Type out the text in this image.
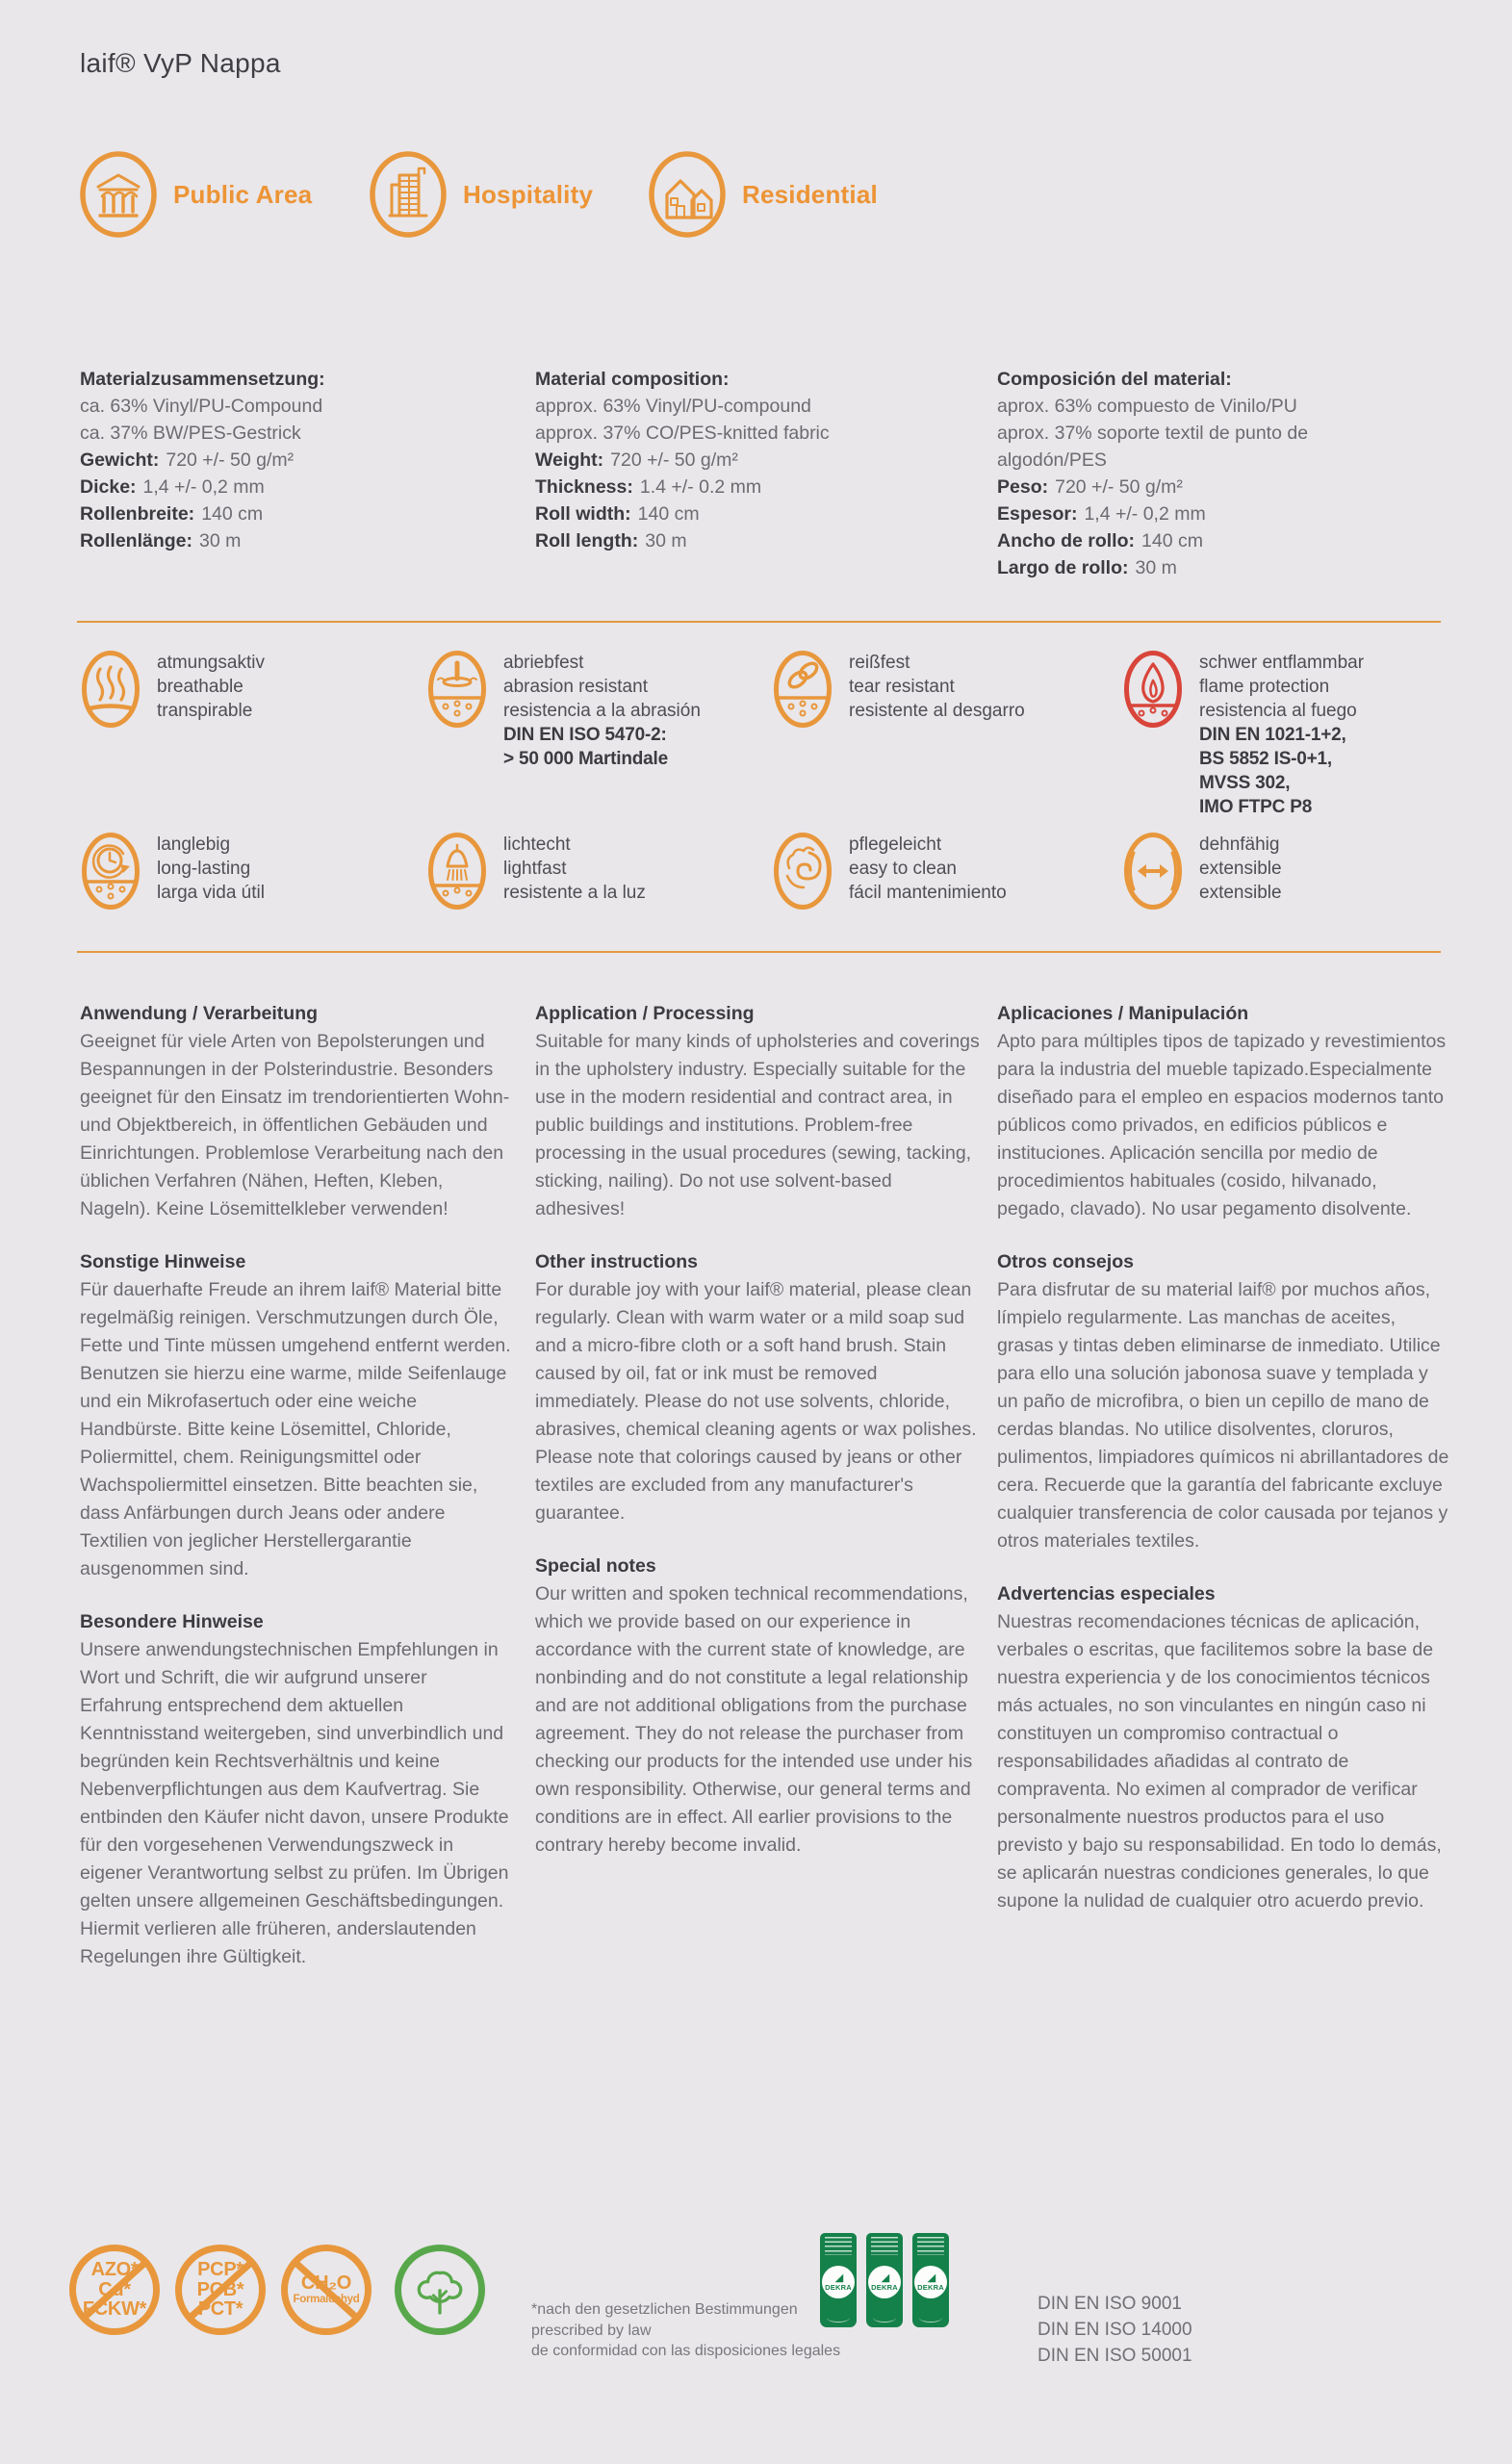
laif® VyP Nappa
Public Area	Hospitality	Residential
Materialzusammensetzung:
ca. 63% Vinyl/PU-Compound
ca. 37% BW/PES-Gestrick
Gewicht: 720 +/- 50 g/m²
Dicke: 1,4 +/- 0,2 mm
Rollenbreite: 140 cm
Rollenlänge: 30 m
Material composition:
approx. 63% Vinyl/PU-compound
approx. 37% CO/PES-knitted fabric
Weight: 720 +/- 50 g/m²
Thickness: 1.4 +/- 0.2 mm
Roll width: 140 cm
Roll length: 30 m
Composición del material:
aprox. 63% compuesto de Vinilo/PU
aprox. 37% soporte textil de punto de algodón/PES
Peso: 720 +/- 50 g/m²
Espesor: 1,4 +/- 0,2 mm
Ancho de rollo: 140 cm
Largo de rollo: 30 m
atmungsaktiv
breathable
transpirable
abriebfest
abrasion resistant
resistencia a la abrasión
DIN EN ISO 5470-2:
> 50 000 Martindale
reißfest
tear resistant
resistente al desgarro
schwer entflammbar
flame protection
resistencia al fuego
DIN EN 1021-1+2,
BS 5852 IS-0+1,
MVSS 302,
IMO FTPC P8
langlebig
long-lasting
larga vida útil
lichtecht
lightfast
resistente a la luz
pflegeleicht
easy to clean
fácil mantenimiento
dehnfähig
extensible
extensible
Anwendung / Verarbeitung

Geeignet für viele Arten von Bepolsterungen und Bespannungen in der Polsterindustrie. Besonders geeignet für den Einsatz im trendorientierten Wohn- und Objektbereich, in öffentlichen Gebäuden und Einrichtungen. Problemlose Verarbeitung nach den üblichen Verfahren (Nähen, Heften, Kleben, Nageln). Keine Lösemittelkleber verwenden!

Sonstige Hinweise

Für dauerhafte Freude an ihrem laif® Material bitte regelmäßig reinigen. Verschmutzungen durch Öle, Fette und Tinte müssen umgehend entfernt werden. Benutzen sie hierzu eine warme, milde Seifenlauge und ein Mikrofasertuch oder eine weiche Handbürste. Bitte keine Lösemittel, Chloride, Poliermittel, chem. Reinigungsmittel oder Wachspoliermittel einsetzen. Bitte beachten sie, dass Anfärbungen durch Jeans oder andere Textilien von jeglicher Herstellergarantie ausgenommen sind.

Besondere Hinweise

Unsere anwendungstechnischen Empfehlungen in Wort und Schrift, die wir aufgrund unserer Erfahrung entsprechend dem aktuellen Kenntnisstand weitergeben, sind unverbindlich und begründen kein Rechtsverhältnis und keine Nebenverpflichtungen aus dem Kaufvertrag. Sie entbinden den Käufer nicht davon, unsere Produkte für den vorgesehenen Verwendungszweck in eigener Verantwortung selbst zu prüfen. Im Übrigen gelten unsere allgemeinen Geschäftsbedingungen. Hiermit verlieren alle früheren, anderslautenden Regelungen ihre Gültigkeit.

Application / Processing

Suitable for many kinds of upholsteries and coverings in the upholstery industry. Especially suitable for the use in the modern residential and contract area, in public buildings and institutions. Problem-free processing in the usual procedures (sewing, tacking, sticking, nailing). Do not use solvent-based adhesives!

Other instructions

For durable joy with your laif® material, please clean regularly. Clean with warm water or a mild soap sud and a micro-fibre cloth or a soft hand brush. Stain caused by oil, fat or ink must be removed immediately. Please do not use solvents, chloride, abrasives, chemical cleaning agents or wax polishes. Please note that colorings caused by jeans or other textiles are excluded from any manufacturer's guarantee.

Special notes

Our written and spoken technical recommendations, which we provide based on our experience in accordance with the current state of knowledge, are nonbinding and do not constitute a legal relationship and are not additional obligations from the purchase agreement. They do not release the purchaser from checking our products for the intended use under his own responsibility. Otherwise, our general terms and conditions are in effect. All earlier provisions to the contrary hereby become invalid.

Aplicaciones / Manipulación

Apto para múltiples tipos de tapizado y revestimientos para la industria del mueble tapizado.Especialmente diseñado para el empleo en espacios modernos tanto públicos como privados, en edificios públicos e instituciones. Aplicación sencilla por medio de procedimientos habituales (cosido, hilvanado, pegado, clavado). No usar pegamento disolvente.

Otros consejos

Para disfrutar de su material laif® por muchos años, límpielo regularmente. Las manchas de aceites, grasas y tintas deben eliminarse de inmediato. Utilice para ello una solución jabonosa suave y templada y un paño de microfibra, o bien un cepillo de mano de cerdas blandas. No utilice disolventes, cloruros, pulimentos, limpiadores químicos ni abrillantadores de cera. Recuerde que la garantía del fabricante excluye cualquier transferencia de color causada por tejanos y otros materiales textiles.

Advertencias especiales

Nuestras recomendaciones técnicas de aplicación, verbales o escritas, que facilitemos sobre la base de nuestra experiencia y de los conocimientos técnicos más actuales, no son vinculantes en ningún caso ni constituyen un compromiso contractual o responsabilidades añadidas al contrato de compraventa. No eximen al comprador de verificar personalmente nuestros productos para el uso previsto y bajo su responsabilidad. En todo lo demás, se aplicarán nuestras condiciones generales, lo que supone la nulidad de cualquier otro acuerdo previo.

AZO*
Cd*
FCKW*
PCP*
PCB*
PCT*
CH₂O
Formaldehyd
*nach den gesetzlichen Bestimmungen
prescribed by law
de conformidad con las disposiciones legales
DEKRA	DEKRA	DEKRA
DIN EN ISO 9001
DIN EN ISO 14000
DIN EN ISO 50001
